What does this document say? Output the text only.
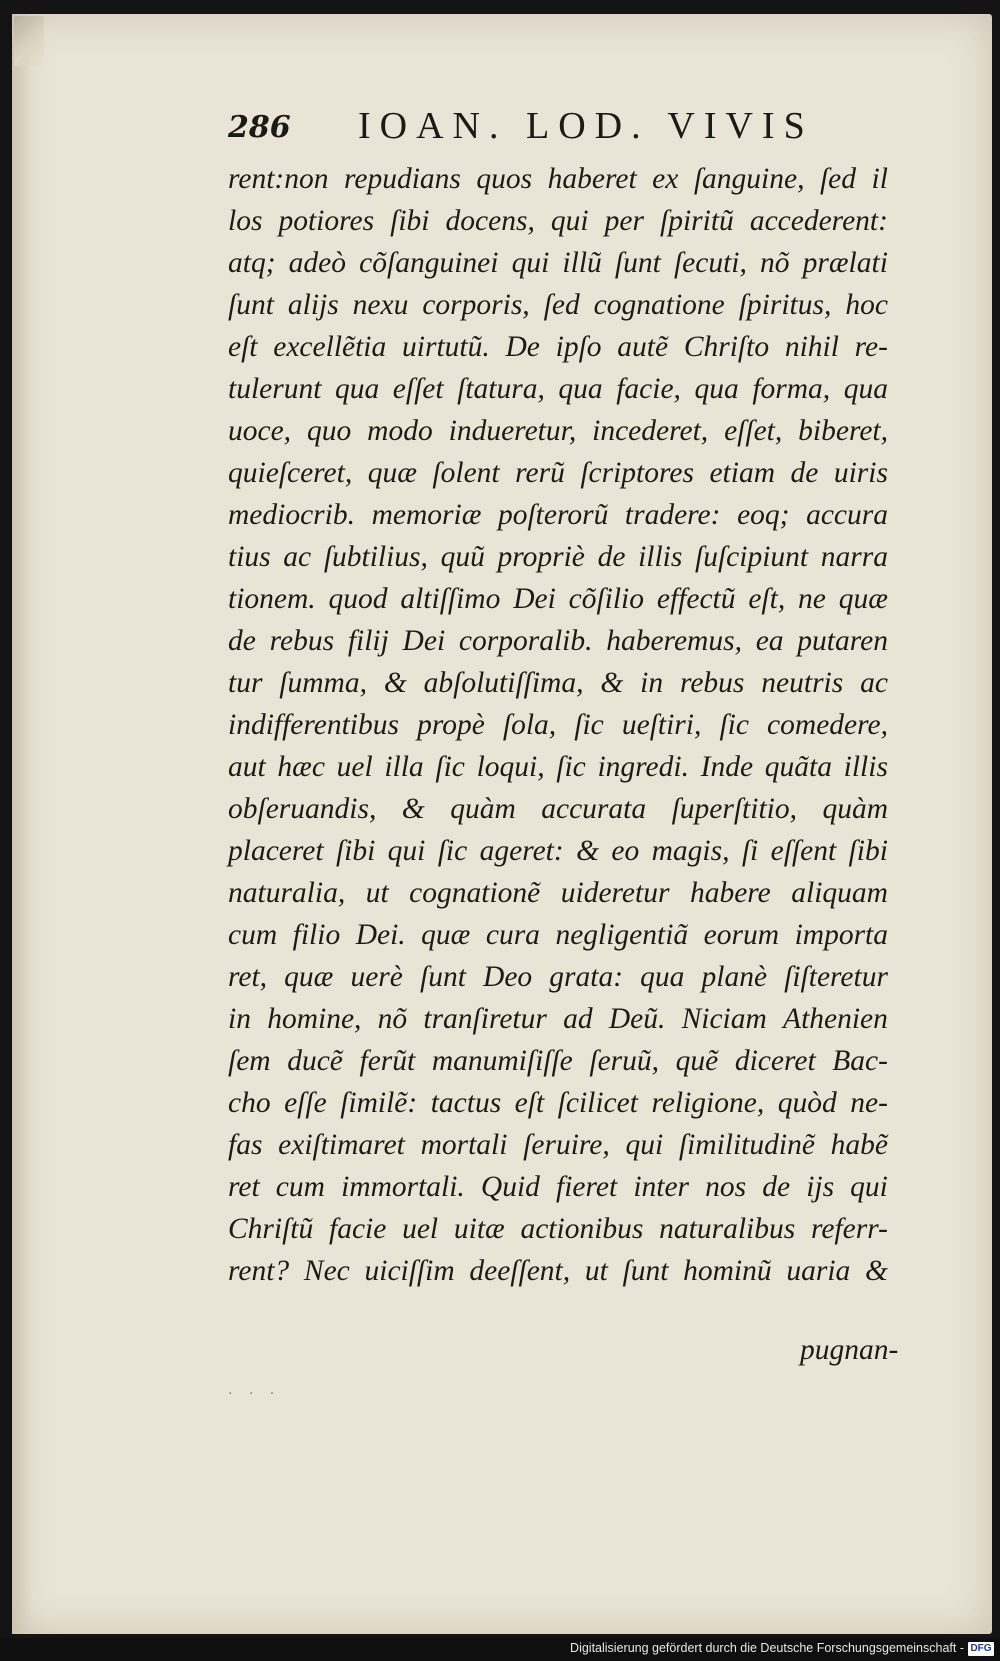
286 IOAN. LOD. VIVIS
rent:non repudians quos haberet ex ſanguine, ſed il
los potiores ſibi docens, qui per ſpiritũ accederent:
atq; adeò cõſanguinei qui illũ ſunt ſecuti, nõ prælati
ſunt alijs nexu corporis, ſed cognatione ſpiritus, hoc
eſt excellẽtia uirtutũ. De ipſo autẽ Chriſto nihil re-
tulerunt qua eſſet ſtatura, qua facie, qua forma, qua
uoce, quo modo indueretur, incederet, eſſet, biberet,
quieſceret, quæ ſolent rerũ ſcriptores etiam de uiris
mediocrib. memoriæ poſterorũ tradere: eoq; accura
tius ac ſubtilius, quũ propriè de illis ſuſcipiunt narra
tionem. quod altiſſimo Dei cõſilio effectũ eſt, ne quæ
de rebus filij Dei corporalib. haberemus, ea putaren
tur ſumma, & abſolutiſſima, & in rebus neutris ac
indifferentibus propè ſola, ſic ueſtiri, ſic comedere,
aut hæc uel illa ſic loqui, ſic ingredi. Inde quãta illis
obſeruandis, & quàm accurata ſuperſtitio, quàm
placeret ſibi qui ſic ageret: & eo magis, ſi eſſent ſibi
naturalia, ut cognationẽ uideretur habere aliquam
cum filio Dei. quæ cura negligentiã eorum importa
ret, quæ uerè ſunt Deo grata: qua planè ſiſteretur
in homine, nõ tranſiretur ad Deũ. Niciam Athenien
ſem ducẽ ferũt manumiſiſſe ſeruũ, quẽ diceret Bac-
cho eſſe ſimilẽ: tactus eſt ſcilicet religione, quòd ne-
fas exiſtimaret mortali ſeruire, qui ſimilitudinẽ habẽ
ret cum immortali. Quid fieret inter nos de ijs qui
Chriſtũ facie uel uitæ actionibus naturalibus referr-
rent? Nec uiciſſim deeſſent, ut ſunt hominũ uaria &
pugnan-
. . .
Digitalisierung gefördert durch die Deutsche Forschungsgemeinschaft - DFG
